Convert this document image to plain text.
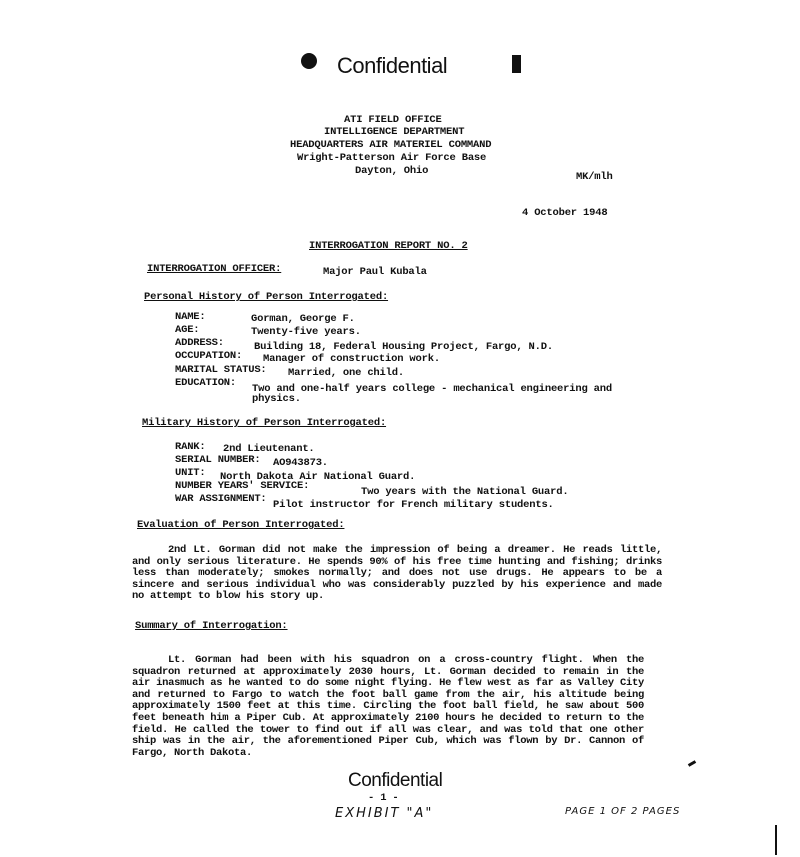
Confidential
ATI FIELD OFFICE
INTELLIGENCE DEPARTMENT
HEADQUARTERS AIR MATERIEL COMMAND
Wright-Patterson Air Force Base
Dayton, Ohio	MK/mlh
4 October 1948
INTERROGATION REPORT NO. 2
INTERROGATION OFFICER:	Major Paul Kubala
Personal History of Person Interrogated:
NAME:	Gorman, George F.
AGE:	Twenty-five years.
ADDRESS:	Building 18, Federal Housing Project, Fargo, N.D.
OCCUPATION: Manager of construction work.
MARITAL STATUS: Married, one child.
EDUCATION: Two and one-half years college - mechanical engineering and
physics.
Military History of Person Interrogated:
RANK: 2nd Lieutenant.
SERIAL NUMBER: AO943873.
UNIT: North Dakota Air National Guard.
NUMBER YEARS' SERVICE:	Two years with the National Guard.
WAR ASSIGNMENT: Pilot instructor for French military students.
Evaluation of Person Interrogated:
2nd Lt. Gorman did not make the impression of being a dreamer. He reads little, and only serious literature. He spends 90% of his free time hunting and fishing; drinks less than moderately; smokes normally; and does not use drugs. He appears to be a sincere and serious individual who was considerably puzzled by his experience and made no attempt to blow his story up.
Summary of Interrogation:
Lt. Gorman had been with his squadron on a cross-country flight. When the squadron returned at approximately 2030 hours, Lt. Gorman decided to remain in the air inasmuch as he wanted to do some night flying. He flew west as far as Valley City and returned to Fargo to watch the foot ball game from the air, his altitude being approximately 1500 feet at this time. Circling the foot ball field, he saw about 500 feet beneath him a Piper Cub. At approximately 2100 hours he decided to return to the field. He called the tower to find out if all was clear, and was told that one other ship was in the air, the aforementioned Piper Cub, which was flown by Dr. Cannon of Fargo, North Dakota.
Confidential
- 1 -
EXHIBIT "A"	PAGE 1 OF 2 PAGES
